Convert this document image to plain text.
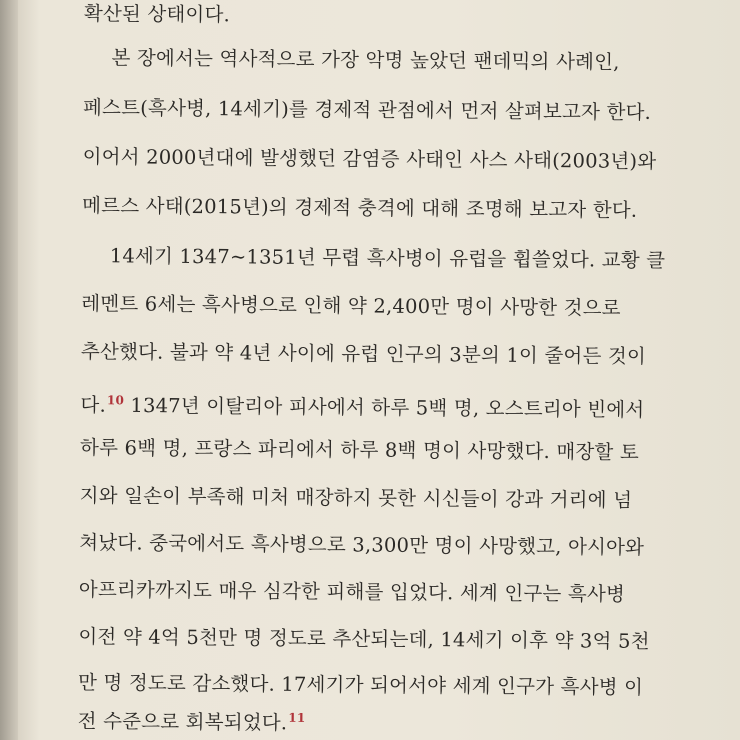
확산된 상태이다.
본 장에서는 역사적으로 가장 악명 높았던 팬데믹의 사례인,
페스트(흑사병, 14세기)를 경제적 관점에서 먼저 살펴보고자 한다.
이어서 2000년대에 발생했던 감염증 사태인 사스 사태(2003년)와
메르스 사태(2015년)의 경제적 충격에 대해 조명해 보고자 한다.
14세기 1347~1351년 무렵 흑사병이 유럽을 휩쓸었다. 교황 클
레멘트 6세는 흑사병으로 인해 약 2,400만 명이 사망한 것으로
추산했다. 불과 약 4년 사이에 유럽 인구의 3분의 1이 줄어든 것이
다.$^{10}$ 1347년 이탈리아 피사에서 하루 5백 명, 오스트리아 빈에서
하루 6백 명, 프랑스 파리에서 하루 8백 명이 사망했다. 매장할 토
지와 일손이 부족해 미처 매장하지 못한 시신들이 강과 거리에 넘
쳐났다. 중국에서도 흑사병으로 3,300만 명이 사망했고, 아시아와
아프리카까지도 매우 심각한 피해를 입었다. 세계 인구는 흑사병
이전 약 4억 5천만 명 정도로 추산되는데, 14세기 이후 약 3억 5천
만 명 정도로 감소했다. 17세기가 되어서야 세계 인구가 흑사병 이
전 수준으로 회복되었다.$^{11}$
